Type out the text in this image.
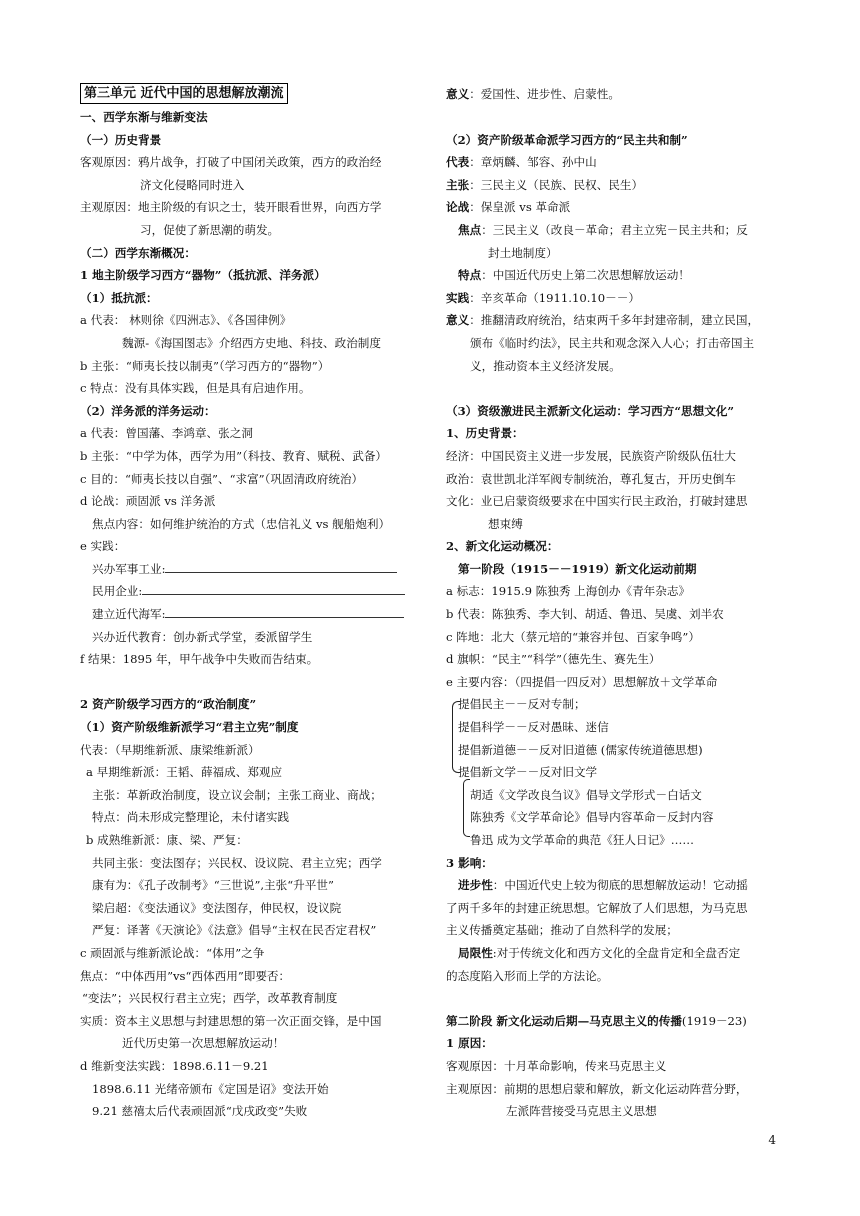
第三单元 近代中国的思想解放潮流
一、西学东渐与维新变法
（一）历史背景
客观原因：鸦片战争，打破了中国闭关政策，西方的政治经
济文化侵略同时进入
主观原因：地主阶级的有识之士，装开眼看世界，向西方学
习，促使了新思潮的萌发。
（二）西学东渐概况：
1 地主阶级学习西方“器物”（抵抗派、洋务派）
（1）抵抗派：
a 代表： 林则徐《四洲志》、《各国律例》
魏源-《海国图志》介绍西方史地、科技、政治制度
b 主张：“师夷长技以制夷”（学习西方的“器物”）
c 特点：没有具体实践，但是具有启迪作用。
（2）洋务派的洋务运动：
a 代表：曾国藩、李鸿章、张之洞
b 主张：“中学为体，西学为用”（科技、教育、赋税、武备）
c 目的：“师夷长技以自强”、“求富”（巩固清政府统治）
d 论战：顽固派 vs 洋务派
焦点内容：如何维护统治的方式（忠信礼义 vs 舰船炮利）
e 实践：
兴办军事工业:
民用企业:
建立近代海军:
兴办近代教育：创办新式学堂，委派留学生
f 结果：1895 年，甲午战争中失败而告结束。
2 资产阶级学习西方的“政治制度”
（1）资产阶级维新派学习“君主立宪”制度
代表：（早期维新派、康梁维新派）
a 早期维新派：王韬、薛福成、郑观应
主张：革新政治制度，设立议会制；主张工商业、商战；
特点：尚未形成完整理论，未付诸实践
b 成熟维新派：康、梁、严复：
共同主张：变法图存；兴民权、设议院、君主立宪；西学
康有为：《孔子改制考》“三世说”,主张“升平世”
梁启超：《变法通议》变法图存，伸民权，设议院
严复：译著《天演论》《法意》倡导“主权在民否定君权”
c 顽固派与维新派论战：“体用”之争
焦点：“中体西用”vs“西体西用”即要否：
“变法”；兴民权行君主立宪；西学，改革教育制度
实质：资本主义思想与封建思想的第一次正面交锋，是中国
近代历史第一次思想解放运动！
d 维新变法实践：1898.6.11－9.21
1898.6.11 光绪帝颁布《定国是诏》变法开始
9.21 慈禧太后代表顽固派“戊戌政变”失败
意义：爱国性、进步性、启蒙性。
（2）资产阶级革命派学习西方的“民主共和制”
代表：章炳麟、邹容、孙中山
主张：三民主义（民族、民权、民生）
论战：保皇派 vs 革命派
焦点：三民主义（改良－革命；君主立宪－民主共和；反
封土地制度）
特点：中国近代历史上第二次思想解放运动！
实践：辛亥革命（1911.10.10－－）
意义：推翻清政府统治，结束两千多年封建帝制，建立民国，
颁布《临时约法》，民主共和观念深入人心；打击帝国主
义，推动资本主义经济发展。
（3）资级激进民主派新文化运动：学习西方“思想文化”
1、历史背景：
经济：中国民资主义进一步发展，民族资产阶级队伍壮大
政治：袁世凯北洋军阀专制统治，尊孔复古，开历史倒车
文化：业已启蒙资级要求在中国实行民主政治，打破封建思
想束缚
2、新文化运动概况：
第一阶段（1915－－1919）新文化运动前期
a 标志：1915.9 陈独秀 上海创办《青年杂志》
b 代表：陈独秀、李大钊、胡适、鲁迅、吴虞、刘半农
c 阵地：北大（蔡元培的“兼容并包、百家争鸣”）
d 旗帜：“民主”“科学”（德先生、赛先生）
e 主要内容：（四提倡一四反对）思想解放＋文学革命
提倡民主－－反对专制；
提倡科学－－反对愚昧、迷信
提倡新道德－－反对旧道德 (儒家传统道德思想)
提倡新文学－－反对旧文学
胡适《文学改良刍议》倡导文学形式－白话文
陈独秀《文学革命论》倡导内容革命－反封内容
鲁迅 成为文学革命的典范《狂人日记》……
3 影响：
进步性：中国近代史上较为彻底的思想解放运动！它动摇
了两千多年的封建正统思想。它解放了人们思想，为马克思
主义传播奠定基础；推动了自然科学的发展；
局限性:对于传统文化和西方文化的全盘肯定和全盘否定
的态度陷入形而上学的方法论。
第二阶段 新文化运动后期—马克思主义的传播(1919－23)
1 原因：
客观原因：十月革命影响，传来马克思主义
主观原因：前期的思想启蒙和解放，新文化运动阵营分野，
左派阵营接受马克思主义思想
4
